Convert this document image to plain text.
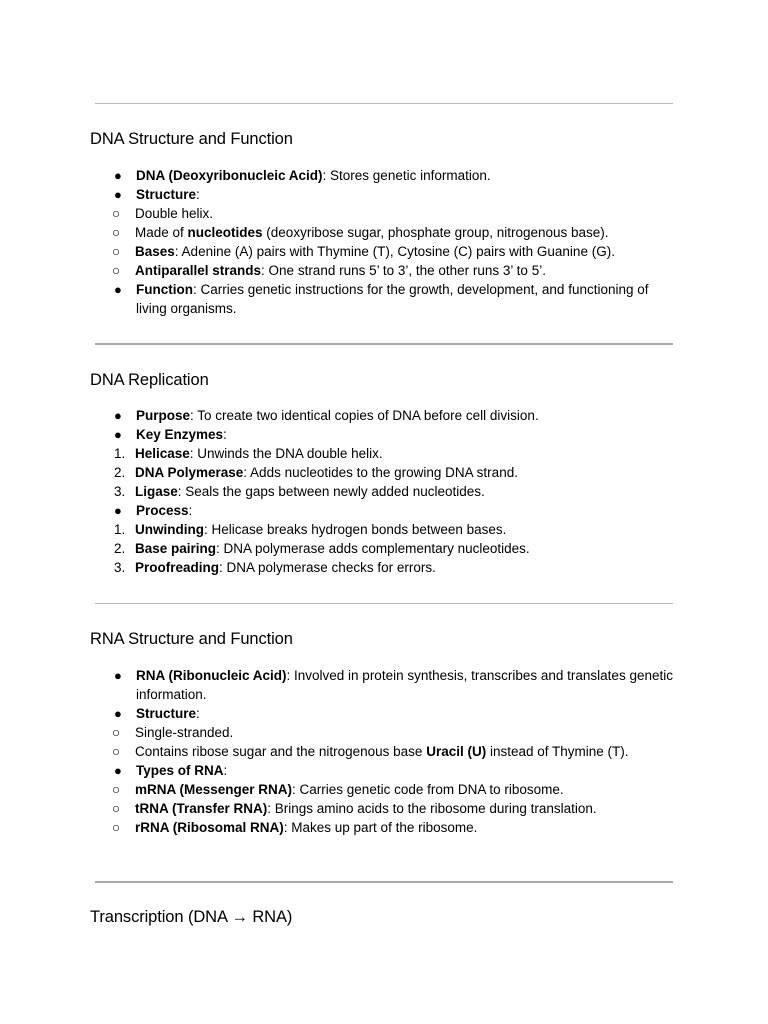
DNA Structure and Function
●	DNA (Deoxyribonucleic Acid): Stores genetic information.
●	Structure:
○	Double helix.
○	Made of nucleotides (deoxyribose sugar, phosphate group, nitrogenous base).
○	Bases: Adenine (A) pairs with Thymine (T), Cytosine (C) pairs with Guanine (G).
○	Antiparallel strands: One strand runs 5’ to 3’, the other runs 3’ to 5’.
●	Function: Carries genetic instructions for the growth, development, and functioning of living organisms.
DNA Replication
●	Purpose: To create two identical copies of DNA before cell division.
●	Key Enzymes:
1. Helicase: Unwinds the DNA double helix.
2. DNA Polymerase: Adds nucleotides to the growing DNA strand.
3. Ligase: Seals the gaps between newly added nucleotides.
●	Process:
1. Unwinding: Helicase breaks hydrogen bonds between bases.
2. Base pairing: DNA polymerase adds complementary nucleotides.
3. Proofreading: DNA polymerase checks for errors.
RNA Structure and Function
●	RNA (Ribonucleic Acid): Involved in protein synthesis, transcribes and translates genetic information.
●	Structure:
○	Single-stranded.
○	Contains ribose sugar and the nitrogenous base Uracil (U) instead of Thymine (T).
●	Types of RNA:
○	mRNA (Messenger RNA): Carries genetic code from DNA to ribosome.
○	tRNA (Transfer RNA): Brings amino acids to the ribosome during translation.
○	rRNA (Ribosomal RNA): Makes up part of the ribosome.
Transcription (DNA → RNA)
